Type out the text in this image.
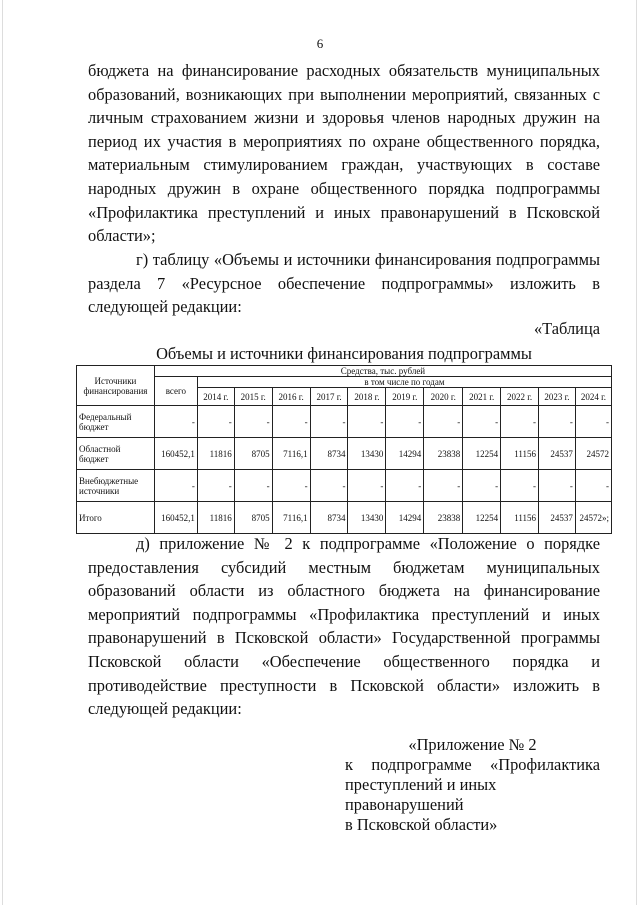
6

бюджета на финансирование расходных обязательств муниципальных образований, возникающих при выполнении мероприятий, связанных с личным страхованием жизни и здоровья членов народных дружин на период их участия в мероприятиях по охране общественного порядка, материальным стимулированием граждан, участвующих в составе народных дружин в охране общественного порядка подпрограммы «Профилактика преступлений и иных правонарушений в Псковской области»;

г) таблицу «Объемы и источники финансирования подпрограммы раздела 7 «Ресурсное обеспечение подпрограммы» изложить в следующей редакции:

«Таблица
Объемы и источники финансирования подпрограммы
Источники финансирования	Средства, тыс. рублей											
	всего	в том числе по годам										
		2014 г.	2015 г.	2016 г.	2017 г.	2018 г.	2019 г.	2020 г.	2021 г.	2022 г.	2023 г.	2024 г.
Федеральный бюджет	-	-	-	-	-	-	-	-	-	-	-	-
Областной бюджет	160452,1	11816	8705	7116,1	8734	13430	14294	23838	12254	11156	24537	24572
Внебюджетные источники	-	-	-	-	-	-	-	-	-	-	-	-
Итого	160452,1	11816	8705	7116,1	8734	13430	14294	23838	12254	11156	24537	24572»;

д) приложение № 2 к подпрограмме «Положение о порядке предоставления субсидий местным бюджетам муниципальных образований области из областного бюджета на финансирование мероприятий подпрограммы «Профилактика преступлений и иных правонарушений в Псковской области» Государственной программы Псковской области «Обеспечение общественного порядка и противодействие преступности в Псковской области» изложить в следующей редакции:

«Приложение № 2
к подпрограмме «Профилактика
преступлений и иных правонарушений
в Псковской области»
